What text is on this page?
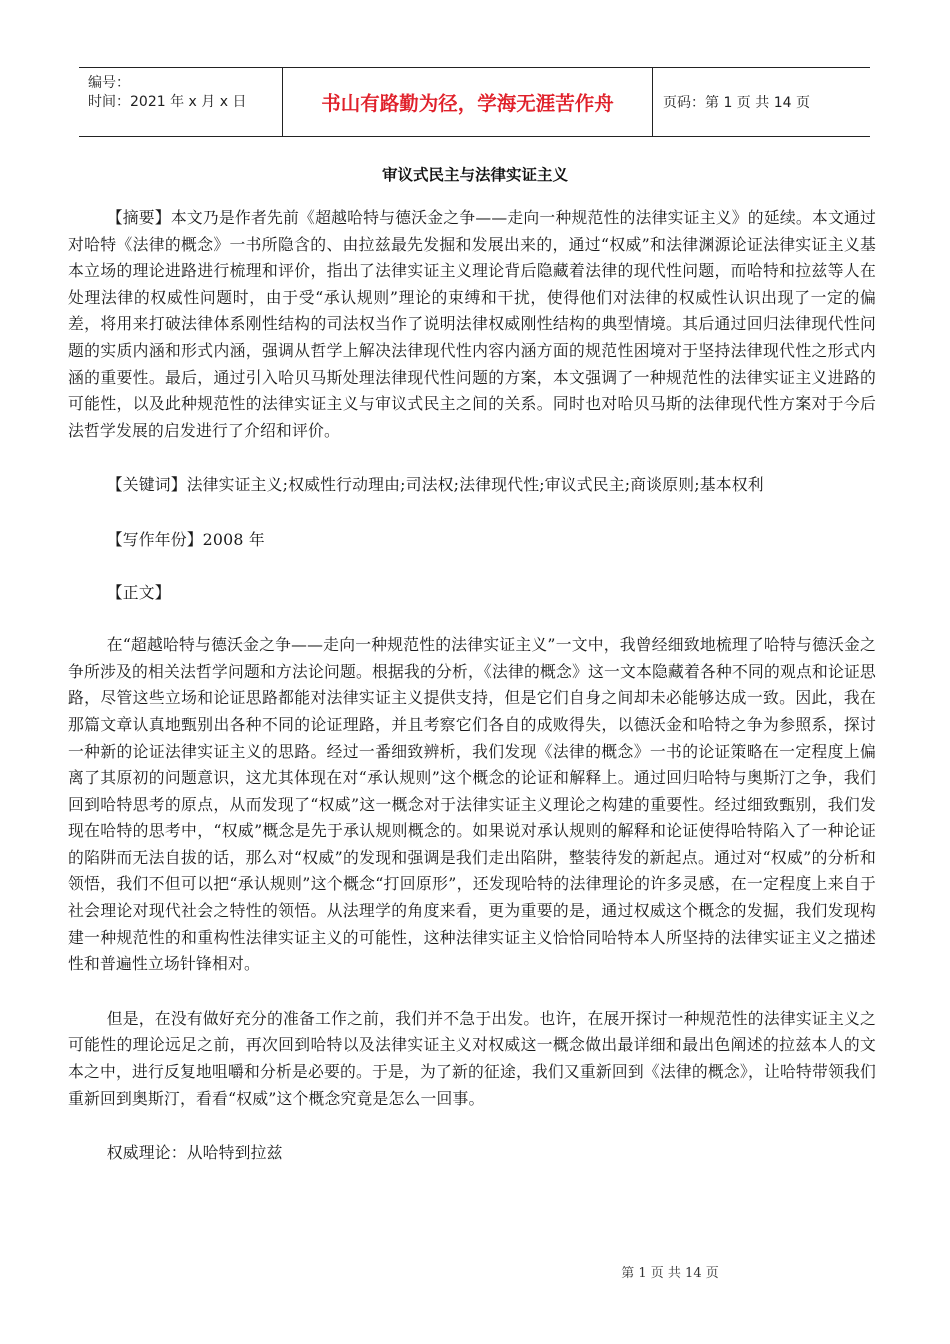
编号：
时间：2021 年 x 月 x 日	书山有路勤为径，学海无涯苦作舟	页码：第 1 页 共 14 页
审议式民主与法律实证主义

【摘要】本文乃是作者先前《超越哈特与德沃金之争——走向一种规范性的法律实证主义》的延续。本文通过对哈特《法律的概念》一书所隐含的、由拉兹最先发掘和发展出来的，通过“权威”和法律渊源论证法律实证主义基本立场的理论进路进行梳理和评价，指出了法律实证主义理论背后隐藏着法律的现代性问题，而哈特和拉兹等人在处理法律的权威性问题时，由于受“承认规则”理论的束缚和干扰，使得他们对法律的权威性认识出现了一定的偏差，将用来打破法律体系刚性结构的司法权当作了说明法律权威刚性结构的典型情境。其后通过回归法律现代性问题的实质内涵和形式内涵，强调从哲学上解决法律现代性内容内涵方面的规范性困境对于坚持法律现代性之形式内涵的重要性。最后，通过引入哈贝马斯处理法律现代性问题的方案，本文强调了一种规范性的法律实证主义进路的可能性，以及此种规范性的法律实证主义与审议式民主之间的关系。同时也对哈贝马斯的法律现代性方案对于今后法哲学发展的启发进行了介绍和评价。

【关键词】法律实证主义;权威性行动理由;司法权;法律现代性;审议式民主;商谈原则;基本权利

【写作年份】2008 年

【正文】

在“超越哈特与德沃金之争——走向一种规范性的法律实证主义”一文中，我曾经细致地梳理了哈特与德沃金之争所涉及的相关法哲学问题和方法论问题。根据我的分析，《法律的概念》这一文本隐藏着各种不同的观点和论证思路，尽管这些立场和论证思路都能对法律实证主义提供支持，但是它们自身之间却未必能够达成一致。因此，我在那篇文章认真地甄别出各种不同的论证理路，并且考察它们各自的成败得失，以德沃金和哈特之争为参照系，探讨一种新的论证法律实证主义的思路。经过一番细致辨析，我们发现《法律的概念》一书的论证策略在一定程度上偏离了其原初的问题意识，这尤其体现在对“承认规则”这个概念的论证和解释上。通过回归哈特与奥斯汀之争，我们回到哈特思考的原点，从而发现了“权威”这一概念对于法律实证主义理论之构建的重要性。经过细致甄别，我们发现在哈特的思考中，“权威”概念是先于承认规则概念的。如果说对承认规则的解释和论证使得哈特陷入了一种论证的陷阱而无法自拔的话，那么对“权威”的发现和强调是我们走出陷阱，整装待发的新起点。通过对“权威”的分析和领悟，我们不但可以把“承认规则”这个概念“打回原形”，还发现哈特的法律理论的许多灵感，在一定程度上来自于社会理论对现代社会之特性的领悟。从法理学的角度来看，更为重要的是，通过权威这个概念的发掘，我们发现构建一种规范性的和重构性法律实证主义的可能性，这种法律实证主义恰恰同哈特本人所坚持的法律实证主义之描述性和普遍性立场针锋相对。

但是，在没有做好充分的准备工作之前，我们并不急于出发。也许，在展开探讨一种规范性的法律实证主义之可能性的理论远足之前，再次回到哈特以及法律实证主义对权威这一概念做出最详细和最出色阐述的拉兹本人的文本之中，进行反复地咀嚼和分析是必要的。于是，为了新的征途，我们又重新回到《法律的概念》，让哈特带领我们重新回到奥斯汀，看看“权威”这个概念究竟是怎么一回事。

权威理论：从哈特到拉兹

第 1 页 共 14 页
